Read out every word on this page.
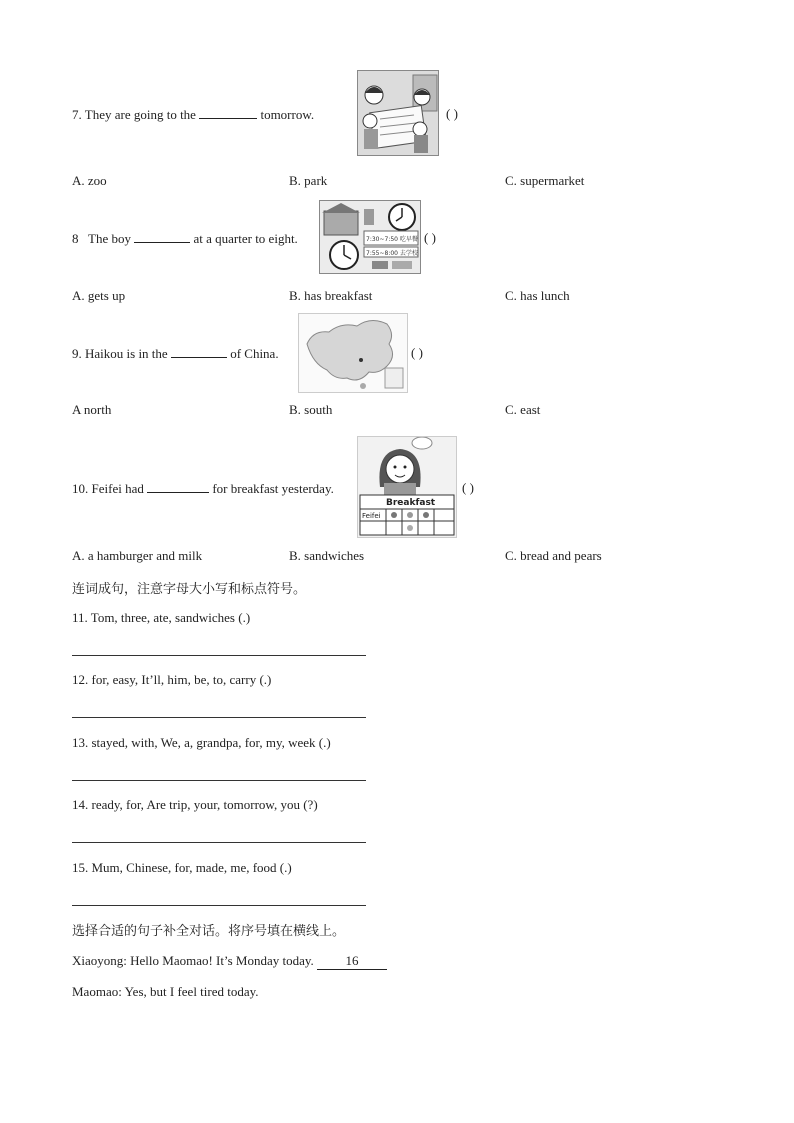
7. They are going to the	tomorrow.	( )
A. zoo	B. park	C. supermarket
8 The boy	at a quarter to eight.	7:30~7:50 吃早餐
7:55~8:00 去学校
( )
A. gets up	B. has breakfast	C. has lunch
9. Haikou is in the	of China.	( )
A north	B. south	C. east
10. Feifei had	for breakfast yesterday.
Breakfast
Feifei
( )
A. a hamburger and milk	B. sandwiches	C. bread and pears
连词成句，注意字母大小写和标点符号。
11. Tom, three, ate, sandwiches (.)
12. for, easy, It’ll, him, be, to, carry (.)
13. stayed, with, We, a, grandpa, for, my, week (.)
14. ready, for, Are trip, your, tomorrow, you (?)
15. Mum, Chinese, for, made, me, food (.)
选择合适的句子补全对话。将序号填在横线上。
Xiaoyong: Hello Maomao! It’s Monday today. 16
Maomao: Yes, but I feel tired today.
